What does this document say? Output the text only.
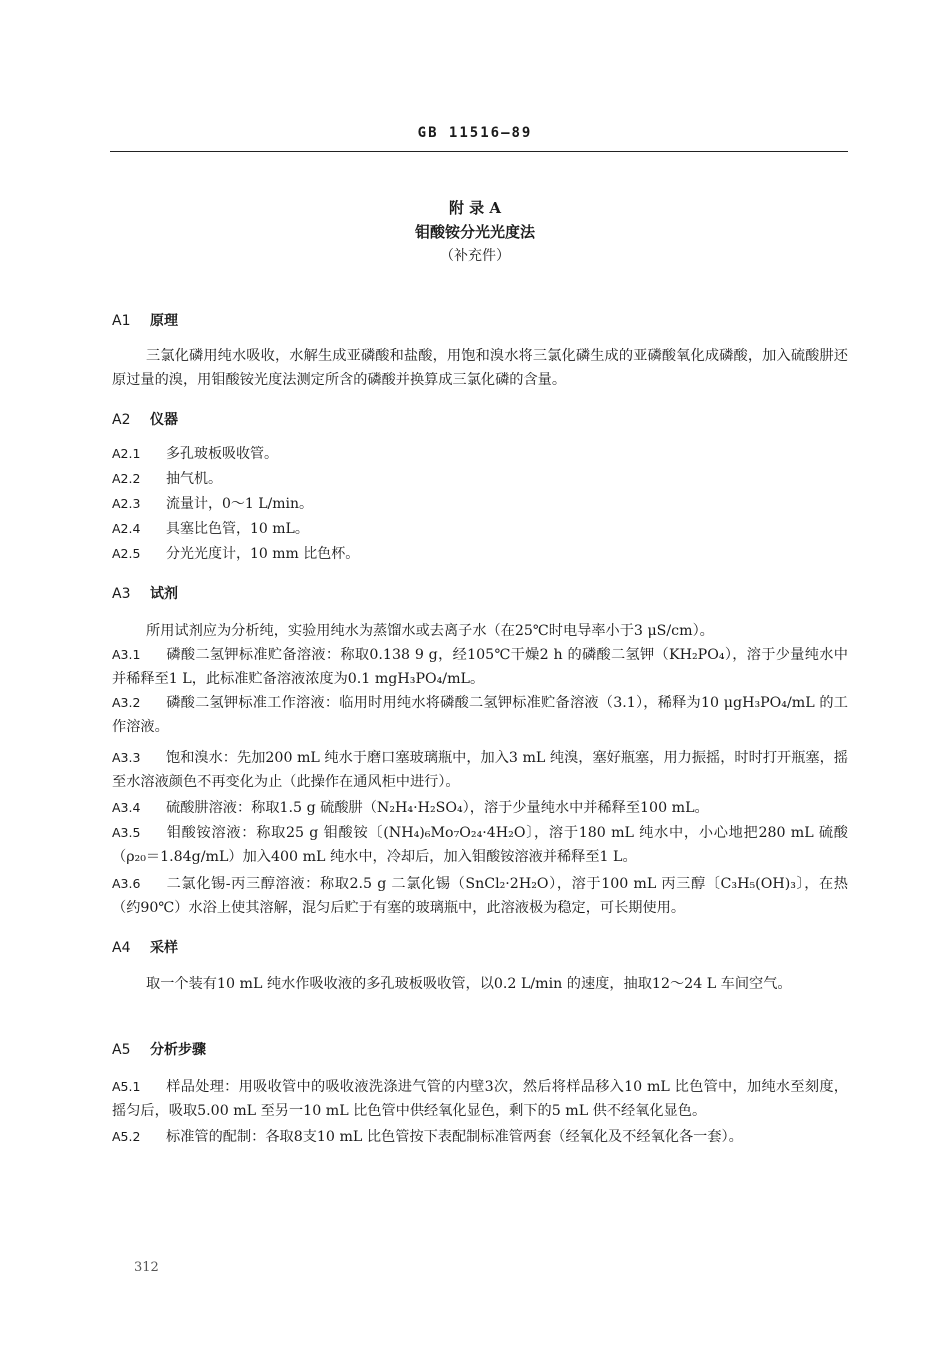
GB 11516—89
附 录 A
钼酸铵分光光度法
（补充件）
A1 原理
三氯化磷用纯水吸收，水解生成亚磷酸和盐酸，用饱和溴水将三氯化磷生成的亚磷酸氧化成磷酸，加入硫酸肼还原过量的溴，用钼酸铵光度法测定所含的磷酸并换算成三氯化磷的含量。
A2 仪器
A2.1 多孔玻板吸收管。
A2.2 抽气机。
A2.3 流量计，0～1 L/min。
A2.4 具塞比色管，10 mL。
A2.5 分光光度计，10 mm 比色杯。
A3 试剂
所用试剂应为分析纯，实验用纯水为蒸馏水或去离子水（在25℃时电导率小于3 μS/cm）。
A3.1 磷酸二氢钾标准贮备溶液：称取0.138 9 g，经105℃干燥2 h 的磷酸二氢钾（KH₂PO₄），溶于少量纯水中并稀释至1 L，此标准贮备溶液浓度为0.1 mgH₃PO₄/mL。
A3.2 磷酸二氢钾标准工作溶液：临用时用纯水将磷酸二氢钾标准贮备溶液（3.1），稀释为10 μgH₃PO₄/mL 的工作溶液。
A3.3 饱和溴水：先加200 mL 纯水于磨口塞玻璃瓶中，加入3 mL 纯溴，塞好瓶塞，用力振摇，时时打开瓶塞，摇至水溶液颜色不再变化为止（此操作在通风柜中进行）。
A3.4 硫酸肼溶液：称取1.5 g 硫酸肼（N₂H₄·H₂SO₄），溶于少量纯水中并稀释至100 mL。
A3.5 钼酸铵溶液：称取25 g 钼酸铵〔(NH₄)₆Mo₇O₂₄·4H₂O〕，溶于180 mL 纯水中，小心地把280 mL 硫酸（ρ₂₀＝1.84g/mL）加入400 mL 纯水中，冷却后，加入钼酸铵溶液并稀释至1 L。
A3.6 二氯化锡-丙三醇溶液：称取2.5 g 二氯化锡（SnCl₂·2H₂O），溶于100 mL 丙三醇〔C₃H₅(OH)₃〕，在热（约90℃）水浴上使其溶解，混匀后贮于有塞的玻璃瓶中，此溶液极为稳定，可长期使用。
A4 采样
取一个装有10 mL 纯水作吸收液的多孔玻板吸收管，以0.2 L/min 的速度，抽取12～24 L 车间空气。
A5 分析步骤
A5.1 样品处理：用吸收管中的吸收液洗涤进气管的内壁3次，然后将样品移入10 mL 比色管中，加纯水至刻度，摇匀后，吸取5.00 mL 至另一10 mL 比色管中供经氧化显色，剩下的5 mL 供不经氧化显色。
A5.2 标准管的配制：各取8支10 mL 比色管按下表配制标准管两套（经氧化及不经氧化各一套）。
312
